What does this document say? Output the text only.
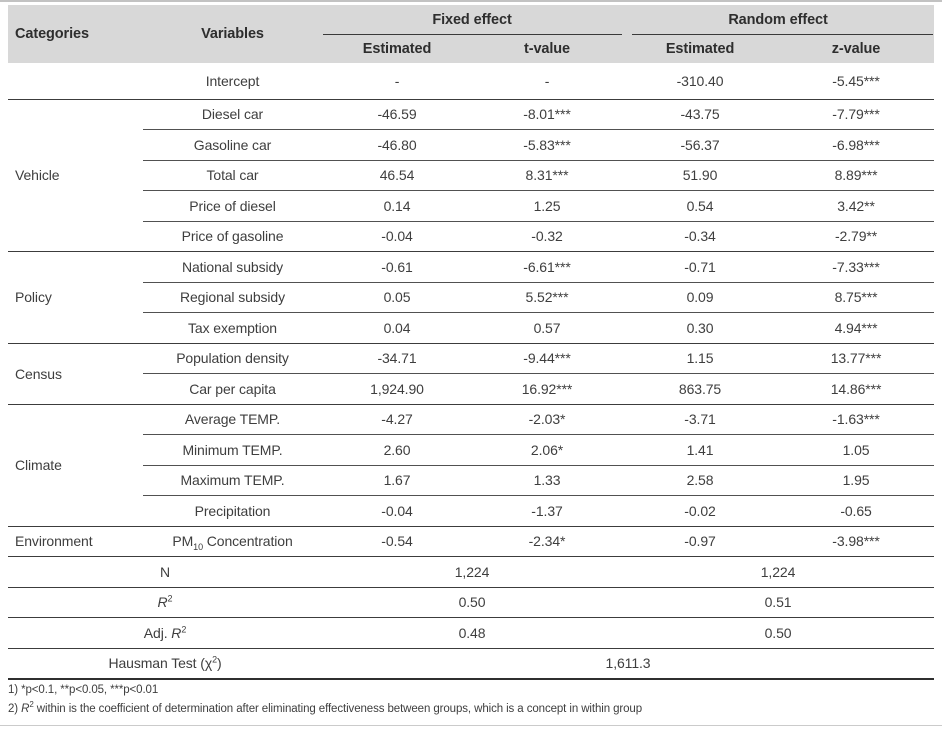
Categories	Variables	Fixed effect		Random effect	
		Estimated	t-value	Estimated	z-value
	Intercept	-	-	-310.40	-5.45***
Vehicle	Diesel car	-46.59	-8.01***	-43.75	-7.79***
	Gasoline car	-46.80	-5.83***	-56.37	-6.98***
	Total car	46.54	8.31***	51.90	8.89***
	Price of diesel	0.14	1.25	0.54	3.42**
	Price of gasoline	-0.04	-0.32	-0.34	-2.79**
Policy	National subsidy	-0.61	-6.61***	-0.71	-7.33***
	Regional subsidy	0.05	5.52***	0.09	8.75***
	Tax exemption	0.04	0.57	0.30	4.94***
Census	Population density	-34.71	-9.44***	1.15	13.77***
	Car per capita	1,924.90	16.92***	863.75	14.86***
Climate	Average TEMP.	-4.27	-2.03*	-3.71	-1.63***
	Minimum TEMP.	2.60	2.06*	1.41	1.05
	Maximum TEMP.	1.67	1.33	2.58	1.95
	Precipitation	-0.04	-1.37	-0.02	-0.65
Environment	$PM_{10}$ Concentration	-0.54	-2.34*	-0.97	-3.98***
N		1,224		1,224	
$R^2$		0.50		0.51	
Adj. $R^2$		0.48		0.50	
Hausman Test $(\chi^2)$		1,611.3			
1) *p<0.1, **p<0.05, ***p<0.01
2) $R^2$ within is the coefficient of determination after eliminating effectiveness between groups, which is a concept in within group
